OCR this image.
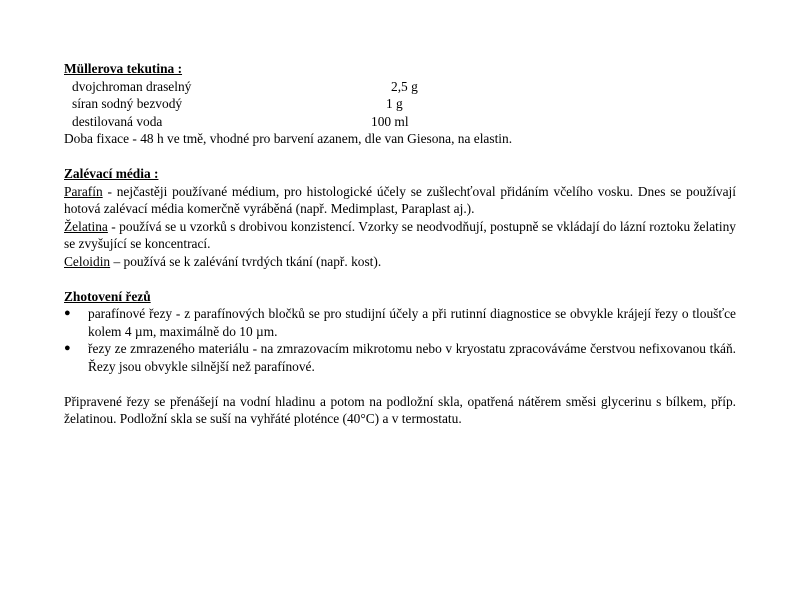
Müllerova tekutina :

dvojchroman draselný	2,5 g
síran sodný bezvodý	1 g
destilovaná voda	100 ml

Doba fixace - 48 h ve tmě, vhodné pro barvení azanem, dle van Giesona, na elastin.

Zalévací média :

Parafín - nejčastěji používané médium, pro histologické účely se zušlechťoval přidáním včelího vosku. Dnes se používají hotová zalévací média komerčně vyráběná (např. Medimplast, Paraplast aj.).

Želatina - používá se u vzorků s drobivou konzistencí. Vzorky se neodvodňují, postupně se vkládají do lázní roztoku želatiny se zvyšující se koncentrací.

Celoidin – používá se k zalévání tvrdých tkání (např. kost).

Zhotovení řezů

● parafínové řezy - z parafínových bločků se pro studijní účely a při rutinní diagnostice se obvykle krájejí řezy o tloušťce kolem 4 µm, maximálně do 10 µm.
● řezy ze zmrazeného materiálu - na zmrazovacím mikrotomu nebo v kryostatu zpracováváme čerstvou nefixovanou tkáň. Řezy jsou obvykle silnější než parafínové.

Připravené řezy se přenášejí na vodní hladinu a potom na podložní skla, opatřená nátěrem směsi glycerinu s bílkem, příp. želatinou. Podložní skla se suší na vyhřáté ploténce (40°C) a v termostatu.
